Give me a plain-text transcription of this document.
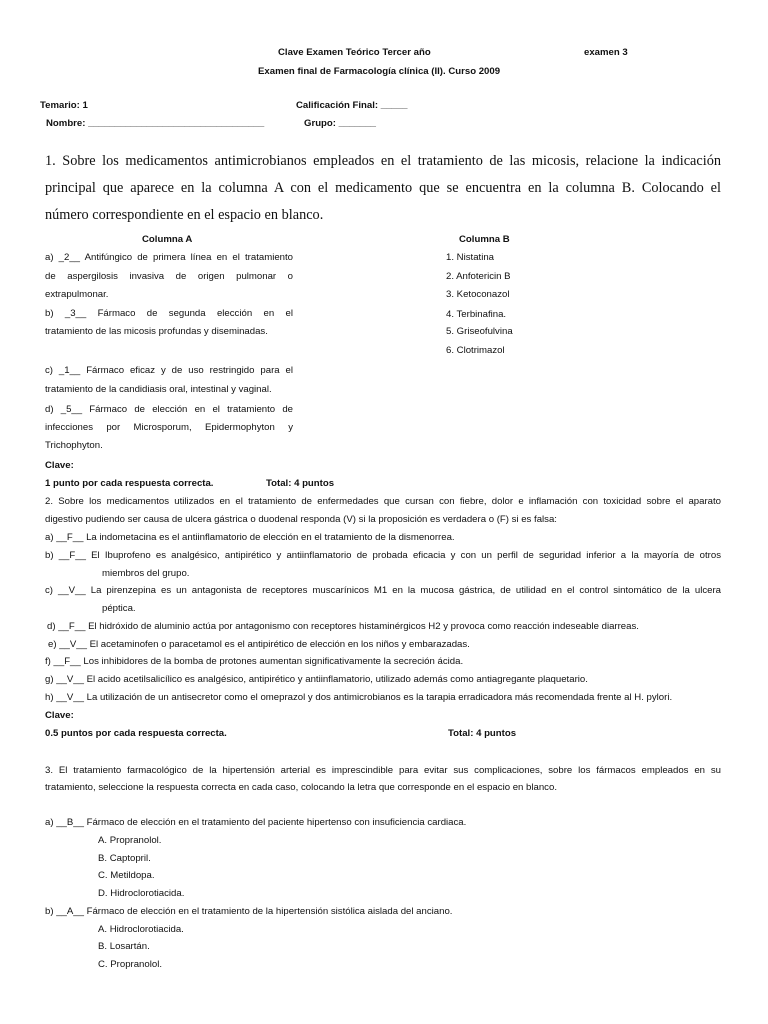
Clave Examen Teórico Tercer año	examen 3
Examen final de Farmacología clínica (II). Curso 2009
Temario: 1	Calificación Final: _____
Nombre: _________________________________	Grupo: _______
1. Sobre los medicamentos antimicrobianos empleados en el tratamiento de las micosis, relacione la indicación
principal que aparece en la columna A con el medicamento que se encuentra en la columna B. Colocando el
número correspondiente en el espacio en blanco.
Columna A	Columna B
a) _2__ Antifúngico de primera línea en el tratamiento
de aspergilosis invasiva de origen pulmonar o
extrapulmonar.
b) _3__ Fármaco de segunda elección en el
tratamiento de las micosis profundas y diseminadas.
c) _1__ Fármaco eficaz y de uso restringido para el
tratamiento de la candidiasis oral, intestinal y vaginal.
d) _5__ Fármaco de elección en el tratamiento de
infecciones por Microsporum, Epidermophyton y
Trichophyton.
1. Nistatina
2. Anfotericin B
3. Ketoconazol
4. Terbinafina.
5. Griseofulvina
6. Clotrimazol
Clave:
1 punto por cada respuesta correcta.	Total: 4 puntos
2. Sobre los medicamentos utilizados en el tratamiento de enfermedades que cursan con fiebre, dolor e inflamación con toxicidad sobre el aparato
digestivo pudiendo ser causa de ulcera gástrica o duodenal responda (V) si la proposición es verdadera o (F) si es falsa:
a) __F__ La indometacina es el antiinflamatorio de elección en el tratamiento de la dismenorrea.
b) __F__ El Ibuprofeno es analgésico, antipirético y antiinflamatorio de probada eficacia y con un perfil de seguridad inferior a la mayoría de otros
miembros del grupo.
c) __V__ La pirenzepina es un antagonista de receptores muscarínicos M1 en la mucosa gástrica, de utilidad en el control sintomático de la ulcera
péptica.
d) __F__ El hidróxido de aluminio actúa por antagonismo con receptores histaminérgicos H2 y provoca como reacción indeseable diarreas.
e) __V__ El acetaminofen o paracetamol es el antipirético de elección en los niños y embarazadas.
f) __F__ Los inhibidores de la bomba de protones aumentan significativamente la secreción ácida.
g) __V__ El acido acetilsalicílico es analgésico, antipirético y antiinflamatorio, utilizado además como antiagregante plaquetario.
h) __V__ La utilización de un antisecretor como el omeprazol y dos antimicrobianos es la tarapia erradicadora más recomendada frente al H. pylori.
Clave:
0.5 puntos por cada respuesta correcta.	Total: 4 puntos
3. El tratamiento farmacológico de la hipertensión arterial es imprescindible para evitar sus complicaciones, sobre los fármacos empleados en su
tratamiento, seleccione la respuesta correcta en cada caso, colocando la letra que corresponde en el espacio en blanco.
a) __B__ Fármaco de elección en el tratamiento del paciente hipertenso con insuficiencia cardiaca.
A. Propranolol.
B. Captopril.
C. Metildopa.
D. Hidroclorotiacida.
b) __A__ Fármaco de elección en el tratamiento de la hipertensión sistólica aislada del anciano.
A. Hidroclorotiacida.
B. Losartán.
C. Propranolol.
